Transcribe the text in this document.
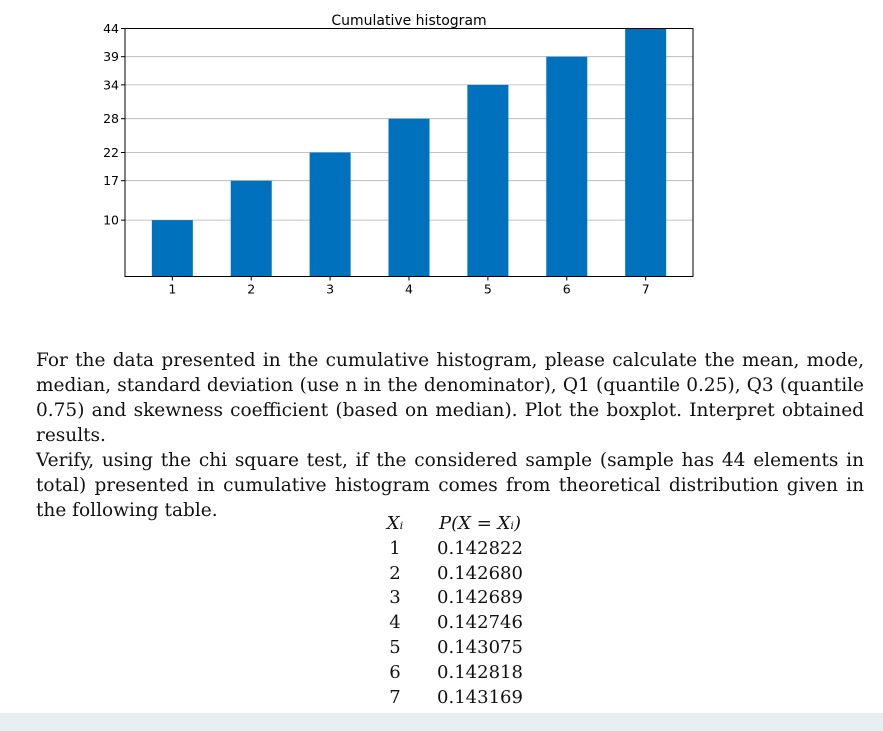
Cumulative histogram
10
17
22
28
34
39
44
1	2	3	4	5	6	7

For the data presented in the cumulative histogram, please calculate the mean, mode, median, standard deviation (use n in the denominator), Q1 (quantile 0.25), Q3 (quantile 0.75) and skewness coefficient (based on median). Plot the boxplot. Interpret obtained results.

Verify, using the chi square test, if the considered sample (sample has 44 elements in total) presented in cumulative histogram comes from theoretical distribution given in the following table.

Xᵢ	P(X = Xᵢ)
1	0.142822
2	0.142680
3	0.142689
4	0.142746
5	0.143075
6	0.142818
7	0.143169
